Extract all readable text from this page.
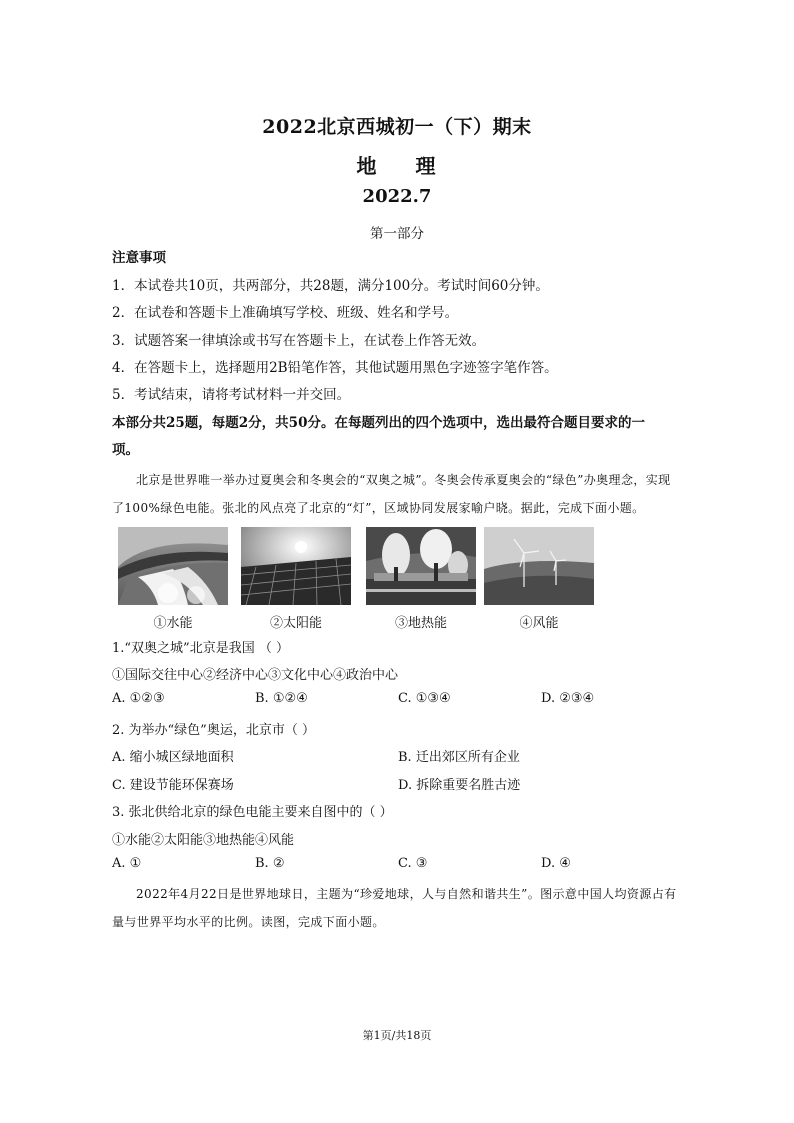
2022北京西城初一（下）期末
地 理
2022.7
第一部分
注意事项
1．本试卷共10页，共两部分，共28题，满分100分。考试时间60分钟。
2．在试卷和答题卡上准确填写学校、班级、姓名和学号。
3．试题答案一律填涂或书写在答题卡上，在试卷上作答无效。
4．在答题卡上，选择题用2B铅笔作答，其他试题用黑色字迹签字笔作答。
5．考试结束，请将考试材料一并交回。
本部分共25题，每题2分，共50分。在每题列出的四个选项中，选出最符合题目要求的一
项。
北京是世界唯一举办过夏奥会和冬奥会的“双奥之城”。冬奥会传承夏奥会的“绿色”办奥理念，实现了100%绿色电能。张北的风点亮了北京的“灯”，区域协同发展家喻户晓。据此，完成下面小题。
①水能	②太阳能	③地热能	④风能
1.“双奥之城”北京是我国 （ ）
①国际交往中心②经济中心③文化中心④政治中心
A. ①②③	B. ①②④	C. ①③④	D. ②③④
2. 为举办“绿色”奥运，北京市（ ）
A. 缩小城区绿地面积	B. 迁出郊区所有企业
C. 建设节能环保赛场	D. 拆除重要名胜古迹
3. 张北供给北京的绿色电能主要来自图中的（ ）
①水能②太阳能③地热能④风能
A. ①	B. ②	C. ③	D. ④
2022年4月22日是世界地球日，主题为“珍爱地球，人与自然和谐共生”。图示意中国人均资源占有量与世界平均水平的比例。读图，完成下面小题。
第1页/共18页
